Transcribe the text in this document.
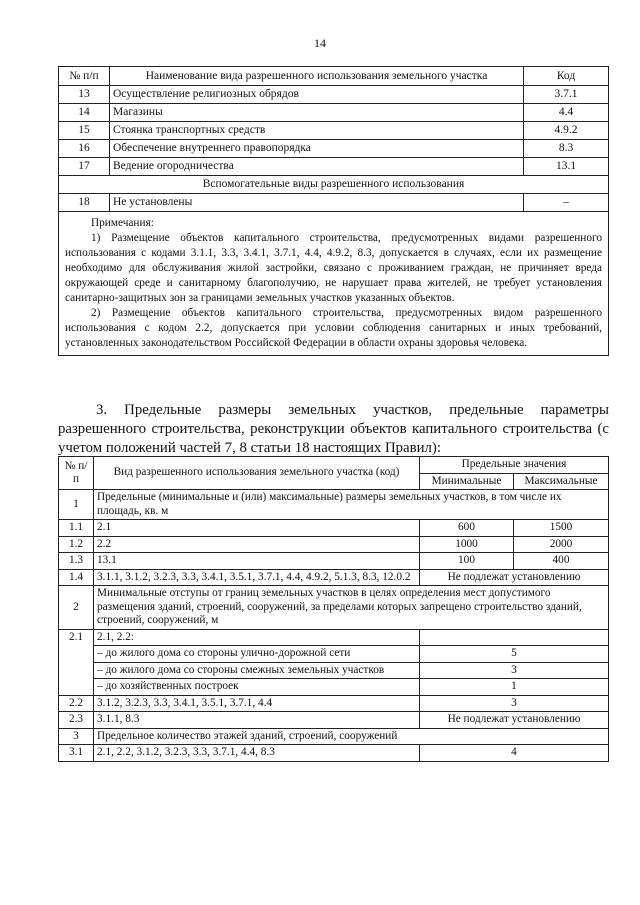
14
№ п/п	Наименование вида разрешенного использования земельного участка	Код
13	Осуществление религиозных обрядов	3.7.1
14	Магазины	4.4
15	Стоянка транспортных средств	4.9.2
16	Обеспечение внутреннего правопорядка	8.3
17	Ведение огородничества	13.1
Вспомогательные виды разрешенного использования		
18	Не установлены	–

Примечания:

1) Размещение объектов капитального строительства, предусмотренных видами разрешенного использования с кодами 3.1.1, 3.3, 3.4.1, 3.7.1, 4.4, 4.9.2, 8.3, допускается в случаях, если их размещение необходимо для обслуживания жилой застройки, связано с проживанием граждан, не причиняет вреда окружающей среде и санитарному благополучию, не нарушает права жителей, не требует установления санитарно-защитных зон за границами земельных участков указанных объектов.

2) Размещение объектов капитального строительства, предусмотренных видом разрешенного использования с кодом 2.2, допускается при условии соблюдения санитарных и иных требований, установленных законодательством Российской Федерации в области охраны здоровья человека.		

3. Предельные размеры земельных участков, предельные параметры разрешенного строительства, реконструкции объектов капитального строительства (с учетом положений частей 7, 8 статьи 18 настоящих Правил):

№ п/п	Вид разрешенного использования земельного участка (код)	Предельные значения	
		Минимальные	Максимальные
1	Предельные (минимальные и (или) максимальные) размеры земельных участков, в том числе их площадь, кв. м		
1.1	2.1	600	1500
1.2	2.2	1000	2000
1.3	13.1	100	400
1.4	3.1.1, 3.1.2, 3.2.3, 3.3, 3.4.1, 3.5.1, 3.7.1, 4.4, 4.9.2, 5.1.3, 8.3, 12.0.2	Не подлежат установлению	
2	Минимальные отступы от границ земельных участков в целях определения мест допустимого размещения зданий, строений, сооружений, за пределами которых запрещено строительство зданий, строений, сооружений, м		
2.1	2.1, 2.2:		
	– до жилого дома со стороны улично-дорожной сети	5	
	– до жилого дома со стороны смежных земельных участков	3	
	– до хозяйственных построек	1	
2.2	3.1.2, 3.2.3, 3.3, 3.4.1, 3.5.1, 3.7.1, 4.4	3	
2.3	3.1.1, 8.3	Не подлежат установлению	
3	Предельное количество этажей зданий, строений, сооружений		
3.1	2.1, 2.2, 3.1.2, 3.2.3, 3.3, 3.7.1, 4.4, 8.3	4	
